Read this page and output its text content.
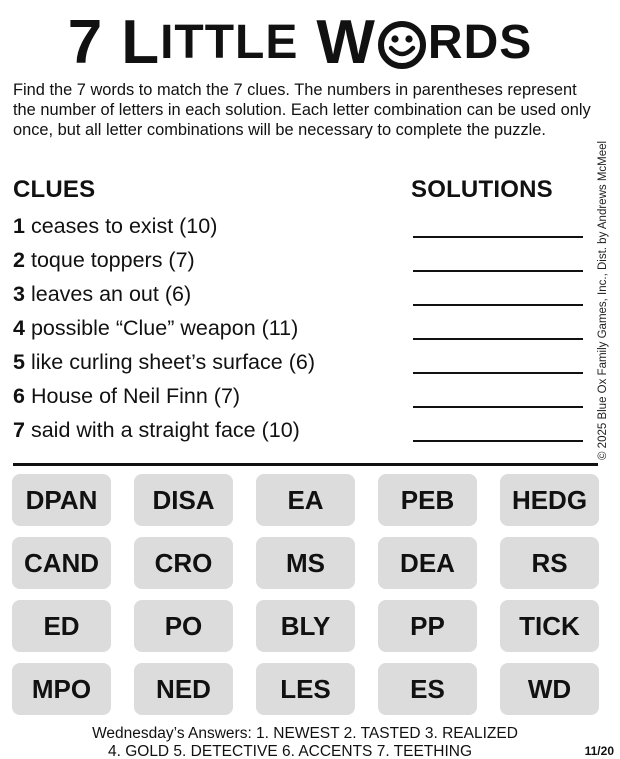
7 L ITTLE W RDS
Find the 7 words to match the 7 clues. The numbers in parentheses represent the number of letters in each solution. Each letter combination can be used only once, but all letter combinations will be necessary to complete the puzzle.
© 2025 Blue Ox Family Games, Inc., Dist. by Andrews McMeel
CLUES	SOLUTIONS
1 ceases to exist (10)
2 toque toppers (7)
3 leaves an out (6)
4 possible “Clue” weapon (11)
5 like curling sheet’s surface (6)
6 House of Neil Finn (7)
7 said with a straight face (10)
DPAN	DISA	EA	PEB	HEDG
CAND	CRO	MS	DEA	RS
ED	PO	BLY	PP	TICK
MPO	NED	LES	ES	WD
Wednesday’s Answers: 1. NEWEST 2. TASTED 3. REALIZED
4. GOLD 5. DETECTIVE 6. ACCENTS 7. TEETHING	11/20
